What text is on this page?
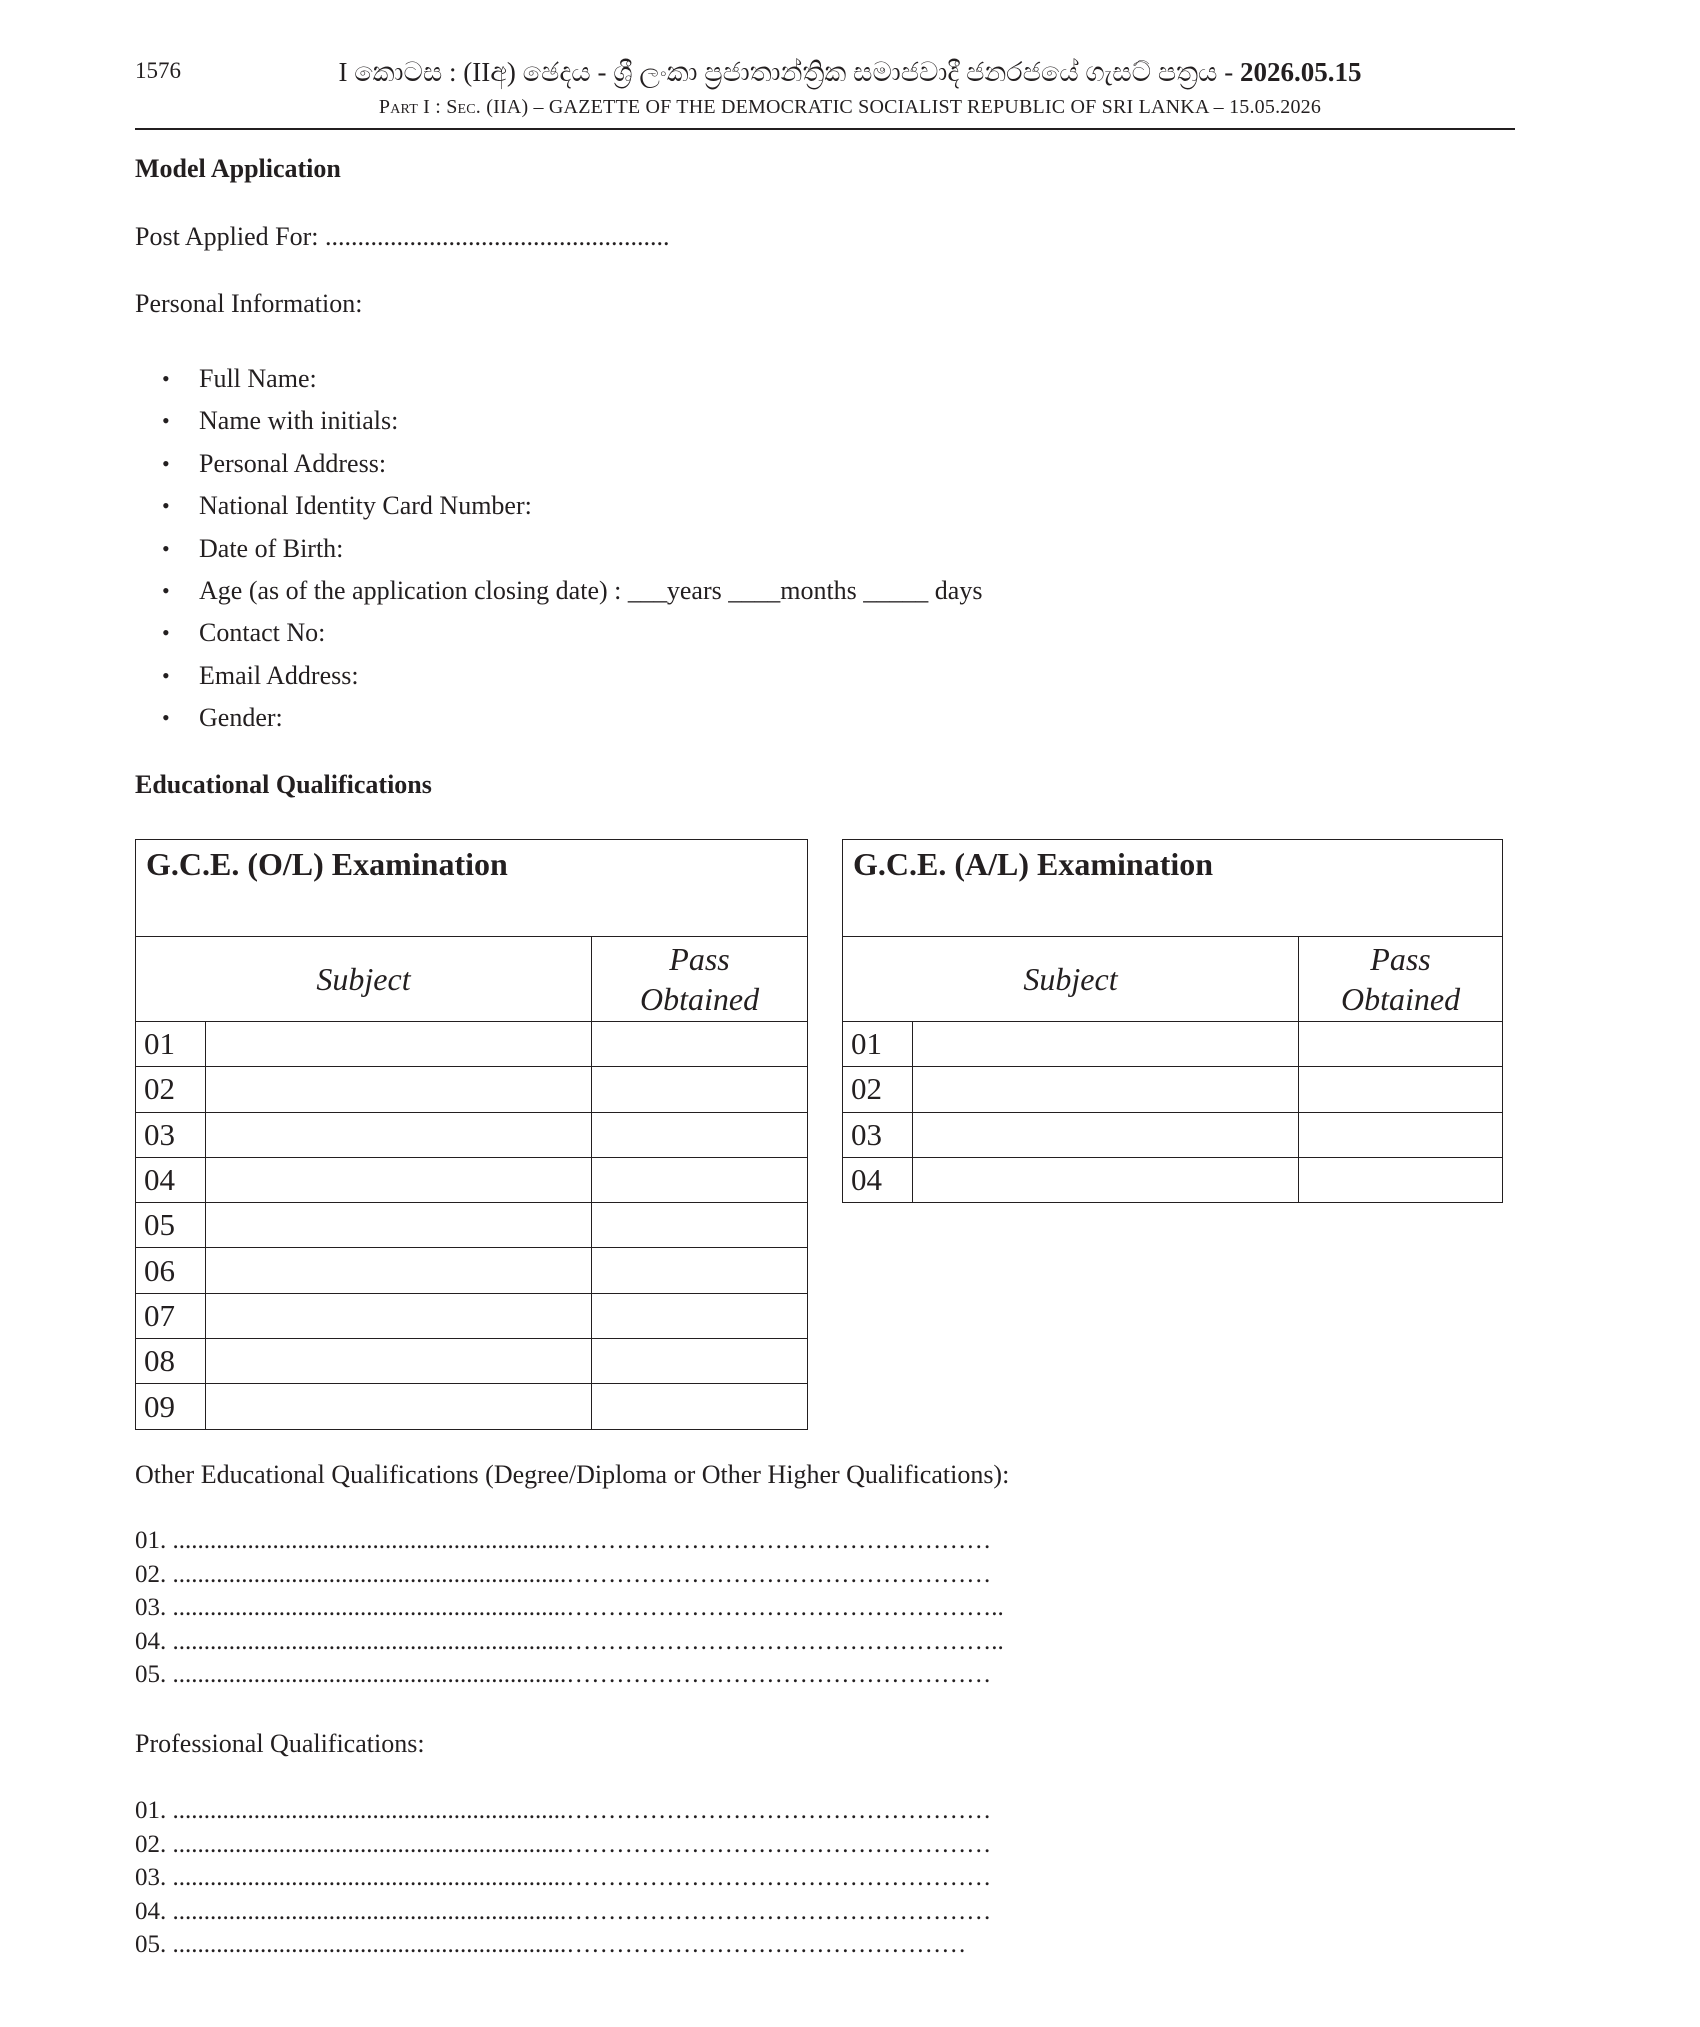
1576	I කොටස : (IIඅ) ඡෙදය - ශ්‍රී ලංකා ප්‍රජාතාන්ත්‍රික සමාජවාදී ජනරජයේ ගැසට් පත්‍රය - 2026.05.15
Part I : Sec. (IIA) – GAZETTE OF THE DEMOCRATIC SOCIALIST REPUBLIC OF SRI LANKA – 15.05.2026
Model Application
Post Applied For: .....................................................
Personal Information:
• Full Name:
• Name with initials:
• Personal Address:
• National Identity Card Number:
• Date of Birth:
• Age (as of the application closing date) : ___years ____months _____ days
• Contact No:
• Email Address:
• Gender:
Educational Qualifications
G.C.E. (O/L) Examination		
Subject		Pass
Obtained

01		
02		
03		
04		
05		
06		
07		
08		
09		
G.C.E. (A/L) Examination		
Subject		Pass
Obtained

01		
02		
03		
04		
Other Educational Qualifications (Degree/Diploma or Other Higher Qualifications):
01. ...............................................................……………………………………………
02. ...............................................................……………………………………………
03. ...............................................................……………………………………………..
04. ...............................................................……………………………………………..
05. ...............................................................……………………………………………
Professional Qualifications:
01. ...............................................................……………………………………………
02. ...............................................................……………………………………………
03. ...............................................................……………………………………………
04. ...............................................................……………………………………………
05. ...............................................................…………………………………………
